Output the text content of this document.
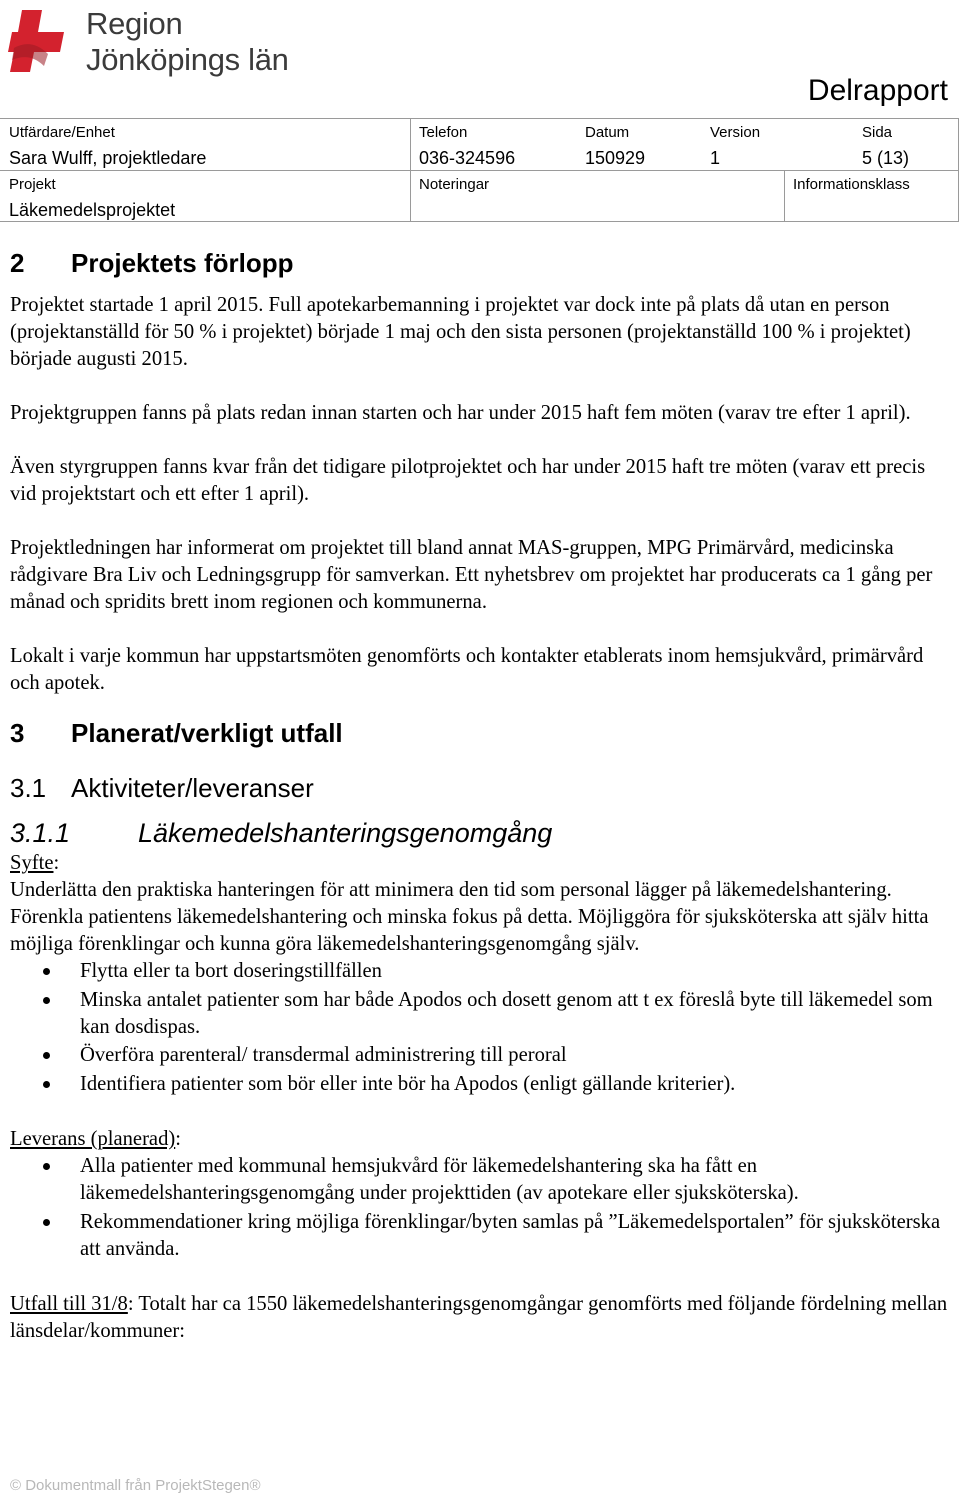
Region
Jönköpings län
Delrapport
Utfärdare/Enhet
Sara Wulff, projektledare
Telefon
036-324596
Datum
150929
Version
1
Sida
5 (13)
Projekt
Läkemedelsprojektet
Noteringar	Informationsklass
2 Projektets förlopp

Projektet startade 1 april 2015. Full apotekarbemanning i projektet var dock inte på plats då utan en person (projektanställd för 50 % i projektet) började 1 maj och den sista personen (projektanställd 100 % i projektet) började augusti 2015.

Projektgruppen fanns på plats redan innan starten och har under 2015 haft fem möten (varav tre efter 1 april).

Även styrgruppen fanns kvar från det tidigare pilotprojektet och har under 2015 haft tre möten (varav ett precis vid projektstart och ett efter 1 april).

Projektledningen har informerat om projektet till bland annat MAS-gruppen, MPG Primärvård, medicinska rådgivare Bra Liv och Ledningsgrupp för samverkan. Ett nyhetsbrev om projektet har producerats ca 1 gång per månad och spridits brett inom regionen och kommunerna.

Lokalt i varje kommun har uppstartsmöten genomförts och kontakter etablerats inom hemsjukvård, primärvård och apotek.

3 Planerat/verkligt utfall
3.1 Aktiviteter/leveranser
3.1.1	Läkemedelshanteringsgenomgång

Syfte:

Underlätta den praktiska hanteringen för att minimera den tid som personal lägger på läkemedelshantering.

Förenkla patientens läkemedelshantering och minska fokus på detta. Möjliggöra för sjuksköterska att själv hitta möjliga förenklingar och kunna göra läkemedelshanteringsgenomgång själv.

Flytta eller ta bort doseringstillfällen
Minska antalet patienter som har både Apodos och dosett genom att t ex föreslå byte till läkemedel som kan dosdispas.
Överföra parenteral/ transdermal administrering till peroral
Identifiera patienter som bör eller inte bör ha Apodos (enligt gällande kriterier).

Leverans (planerad):

Alla patienter med kommunal hemsjukvård för läkemedelshantering ska ha fått en läkemedelshanteringsgenomgång under projekttiden (av apotekare eller sjuksköterska).
Rekommendationer kring möjliga förenklingar/byten samlas på ”Läkemedelsportalen” för sjuksköterska att använda.

Utfall till 31/8: Totalt har ca 1550 läkemedelshanteringsgenomgångar genomförts med följande fördelning mellan länsdelar/kommuner:

© Dokumentmall från ProjektStegen®
